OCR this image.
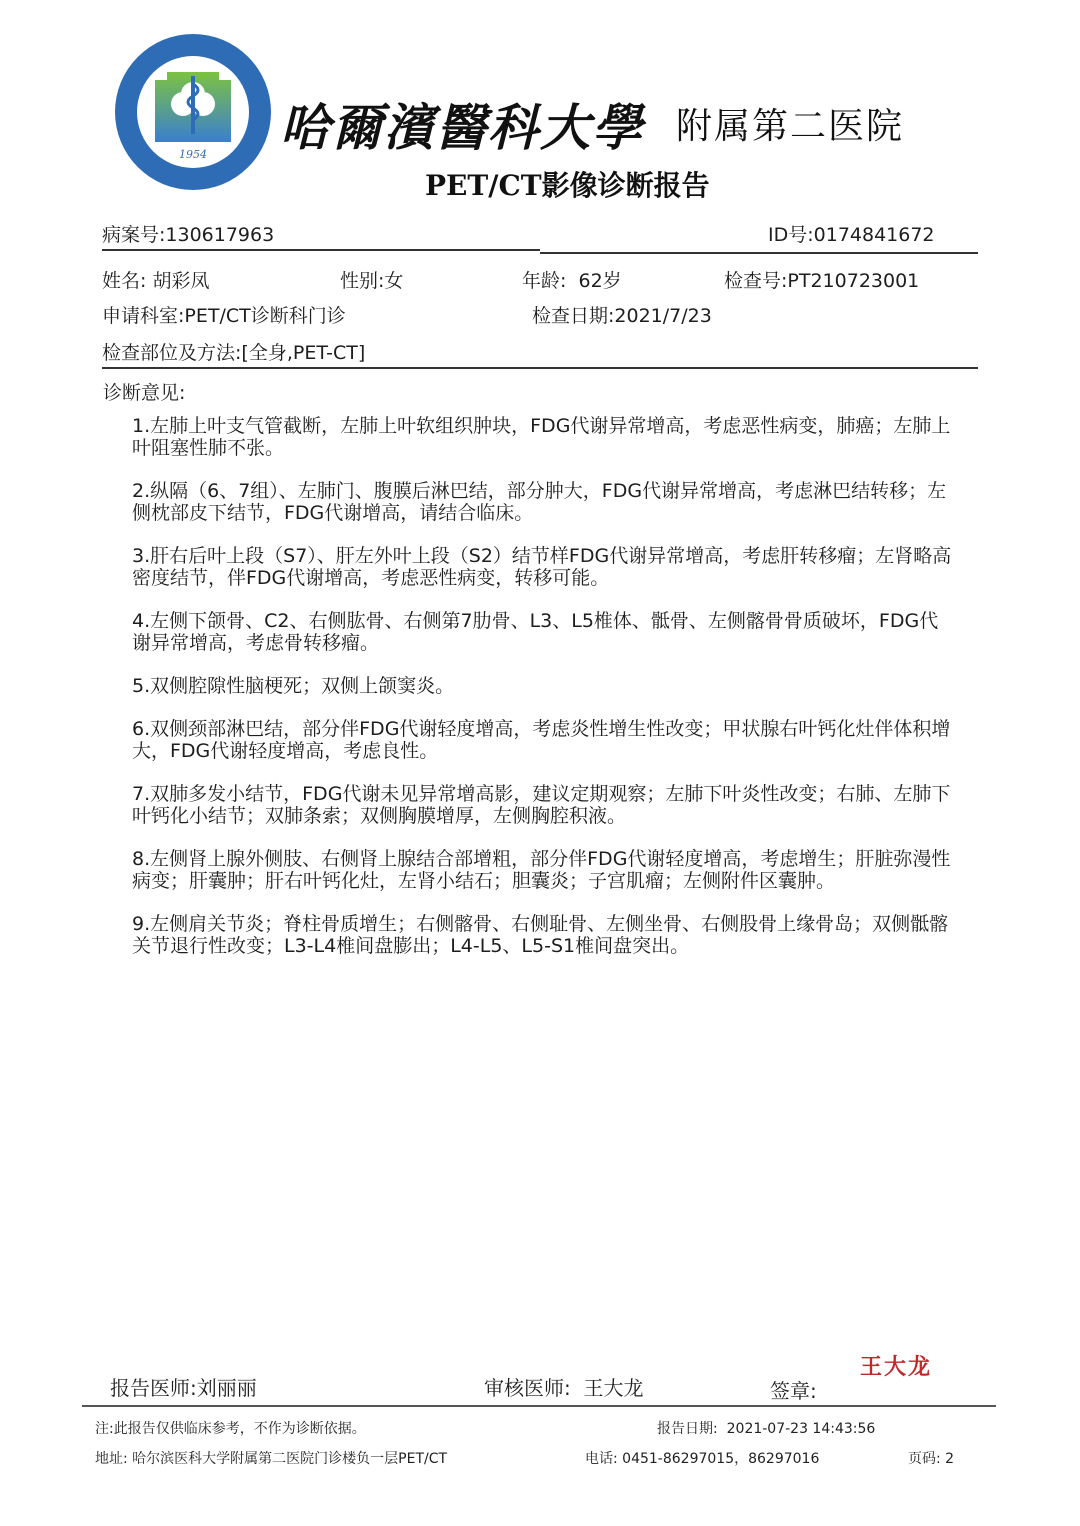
1954 哈爾濱醫科大學 附属第二医院
PET/CT影像诊断报告
病案号:130617963	ID号:0174841672
姓名: 胡彩凤	性别:女	年龄: 62岁	检查号:PT210723001
申请科室:PET/CT诊断科门诊	检查日期:2021/7/23
检查部位及方法:[全身,PET-CT]
诊断意见:
1.左肺上叶支气管截断，左肺上叶软组织肿块，FDG代谢异常增高，考虑恶性病变，肺癌；左肺上叶阻塞性肺不张。
2.纵隔（6、7组）、左肺门、腹膜后淋巴结，部分肿大，FDG代谢异常增高，考虑淋巴结转移；左侧枕部皮下结节，FDG代谢增高，请结合临床。
3.肝右后叶上段（S7）、肝左外叶上段（S2）结节样FDG代谢异常增高，考虑肝转移瘤；左肾略高密度结节，伴FDG代谢增高，考虑恶性病变，转移可能。
4.左侧下颌骨、C2、右侧肱骨、右侧第7肋骨、L3、L5椎体、骶骨、左侧髂骨骨质破坏，FDG代谢异常增高，考虑骨转移瘤。
5.双侧腔隙性脑梗死；双侧上颌窦炎。
6.双侧颈部淋巴结，部分伴FDG代谢轻度增高，考虑炎性增生性改变；甲状腺右叶钙化灶伴体积增大，FDG代谢轻度增高，考虑良性。
7.双肺多发小结节，FDG代谢未见异常增高影，建议定期观察；左肺下叶炎性改变；右肺、左肺下叶钙化小结节；双肺条索；双侧胸膜增厚，左侧胸腔积液。
8.左侧肾上腺外侧肢、右侧肾上腺结合部增粗，部分伴FDG代谢轻度增高，考虑增生；肝脏弥漫性病变；肝囊肿；肝右叶钙化灶，左肾小结石；胆囊炎；子宫肌瘤；左侧附件区囊肿。
9.左侧肩关节炎；脊柱骨质增生；右侧髂骨、右侧耻骨、左侧坐骨、右侧股骨上缘骨岛；双侧骶髂关节退行性改变；L3-L4椎间盘膨出；L4-L5、L5-S1椎间盘突出。
报告医师:刘丽丽	审核医师: 王大龙	签章:
王大龙
注:此报告仅供临床参考，不作为诊断依据。	报告日期: 2021-07-23 14:43:56
地址: 哈尔滨医科大学附属第二医院门诊楼负一层PET/CT	电话: 0451-86297015，86297016	页码: 2
